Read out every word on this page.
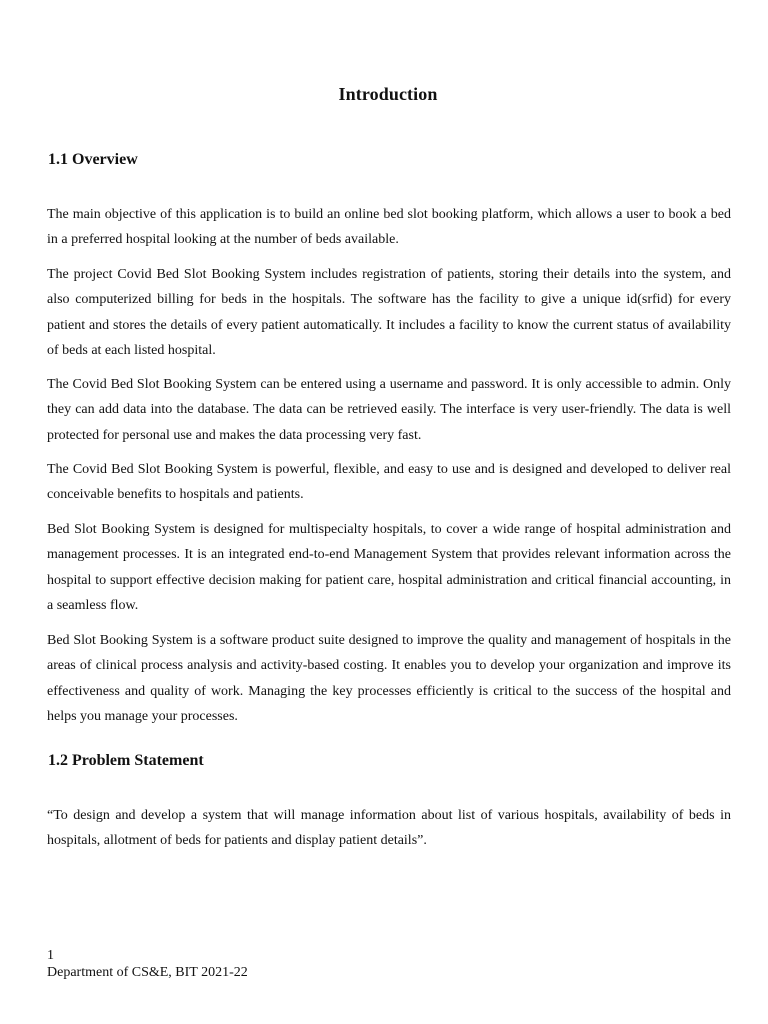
Introduction
1.1 Overview

The main objective of this application is to build an online bed slot booking platform, which allows a user to book a bed in a preferred hospital looking at the number of beds available.

The project Covid Bed Slot Booking System includes registration of patients, storing their details into the system, and also computerized billing for beds in the hospitals. The software has the facility to give a unique id(srfid) for every patient and stores the details of every patient automatically. It includes a facility to know the current status of availability of beds at each listed hospital.

The Covid Bed Slot Booking System can be entered using a username and password. It is only accessible to admin. Only they can add data into the database. The data can be retrieved easily. The interface is very user-friendly. The data is well protected for personal use and makes the data processing very fast.

The Covid Bed Slot Booking System is powerful, flexible, and easy to use and is designed and developed to deliver real conceivable benefits to hospitals and patients.

Bed Slot Booking System is designed for multispecialty hospitals, to cover a wide range of hospital administration and management processes. It is an integrated end-to-end Management System that provides relevant information across the hospital to support effective decision making for patient care, hospital administration and critical financial accounting, in a seamless flow.

Bed Slot Booking System is a software product suite designed to improve the quality and management of hospitals in the areas of clinical process analysis and activity-based costing. It enables you to develop your organization and improve its effectiveness and quality of work. Managing the key processes efficiently is critical to the success of the hospital and helps you manage your processes.

1.2 Problem Statement

“To design and develop a system that will manage information about list of various hospitals, availability of beds in hospitals, allotment of beds for patients and display patient details”.

1
Department of CS&E, BIT 2021-22
